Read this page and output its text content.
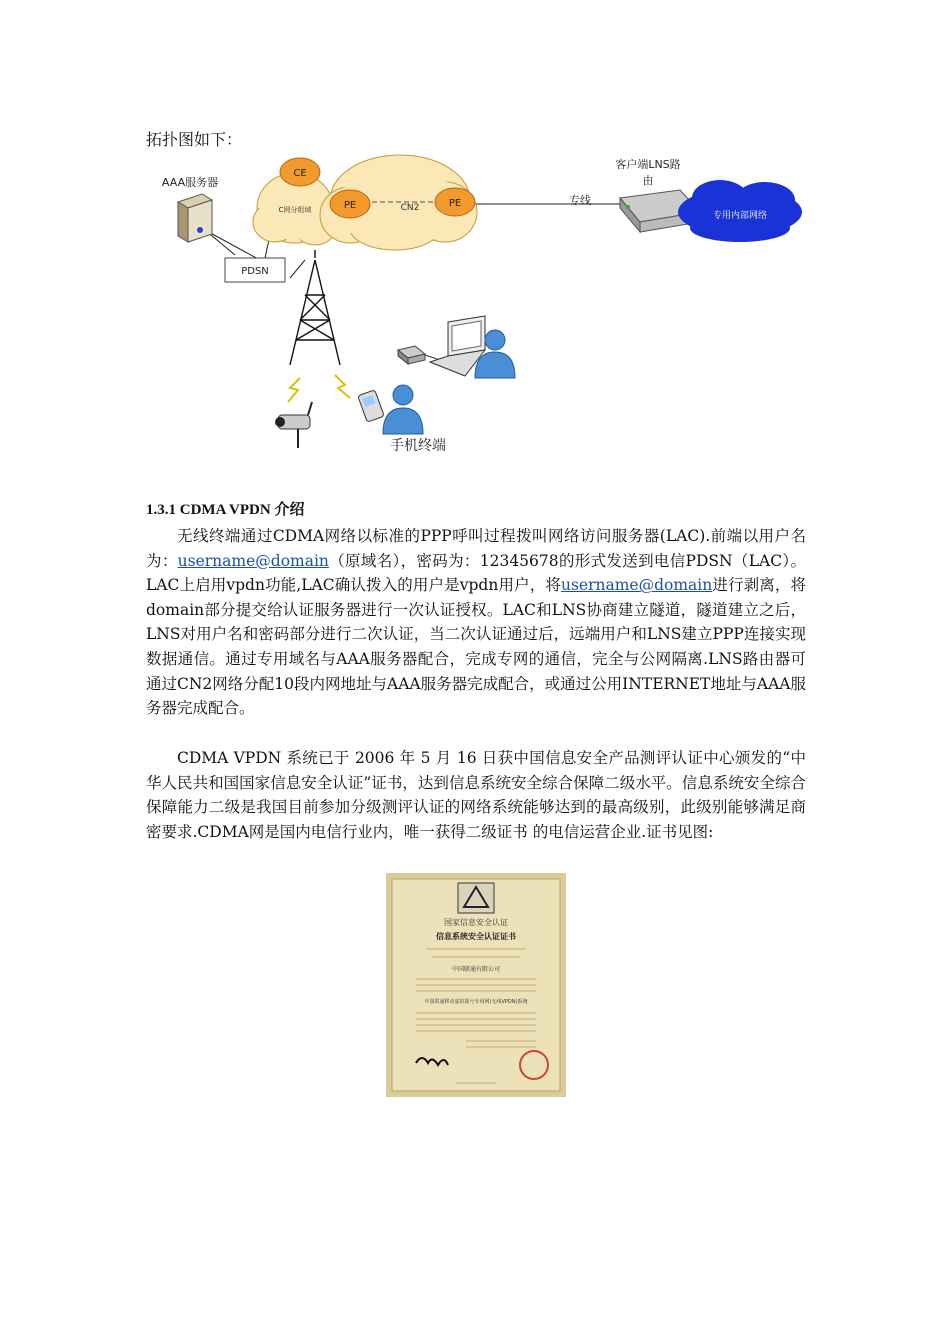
拓扑图如下：
C网分组域
CE
CN2
PE	PE	专线
客户端LNS路
由
专用内部网络
AAA服务器
PDSN
手机终端
1.3.1 CDMA VPDN 介绍
无线终端通过CDMA网络以标准的PPP呼叫过程拨叫网络访问服务器(LAC).前端以用户名为：username@domain（原域名），密码为：12345678的形式发送到电信PDSN（LAC）。LAC上启用vpdn功能,LAC确认拨入的用户是vpdn用户，将username@domain进行剥离，将domain部分提交给认证服务器进行一次认证授权。LAC和LNS协商建立隧道，隧道建立之后，LNS对用户名和密码部分进行二次认证，当二次认证通过后，远端用户和LNS建立PPP连接实现数据通信。通过专用域名与AAA服务器配合，完成专网的通信，完全与公网隔离.LNS路由器可通过CN2网络分配10段内网地址与AAA服务器完成配合，或通过公用INTERNET地址与AAA服务器完成配合。
CDMA VPDN 系统已于 2006 年 5 月 16 日获中国信息安全产品测评认证中心颁发的“中华人民共和国国家信息安全认证”证书，达到信息系统安全综合保障二级水平。信息系统安全综合保障能力二级是我国目前参加分级测评认证的网络系统能够达到的最高级别，此级别能够满足商密要求.CDMA网是国内电信行业内，唯一获得二级证书 的电信运营企业.证书见图:
国家信息安全认证
信息系统安全认证证书
中国联通有限公司
中国联通移动虚拟拨号专用网(无线VPDN)系统
